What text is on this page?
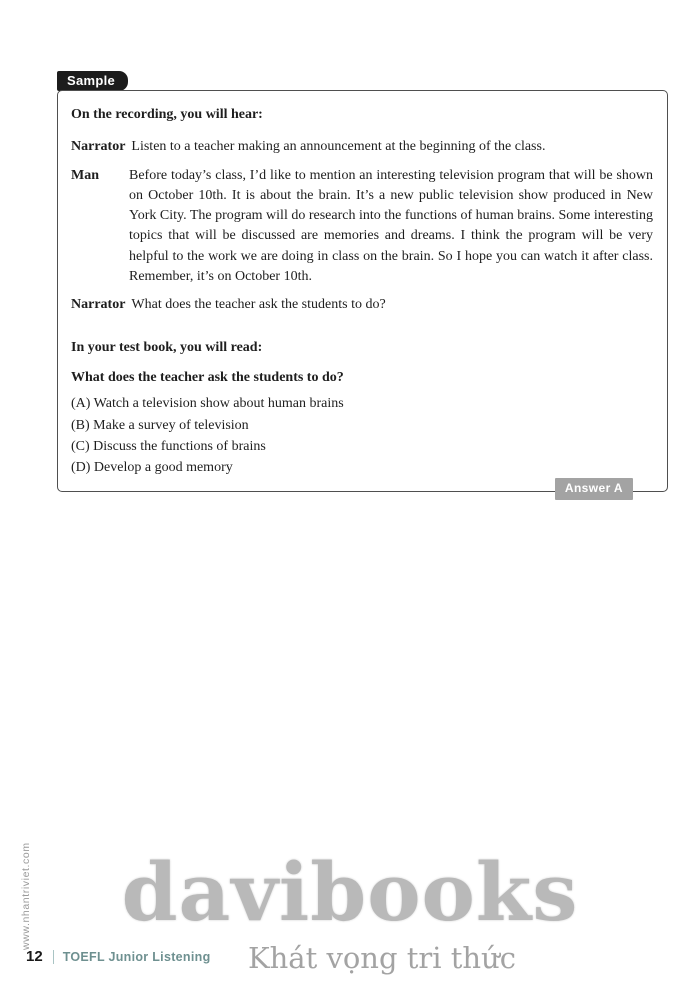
Sample
On the recording, you will hear:
Narrator Listen to a teacher making an announcement at the beginning of the class.
Man	Before today’s class, I’d like to mention an interesting television program that will be shown on October 10th. It is about the brain. It’s a new public television show produced in New York City. The program will do research into the functions of human brains. Some interesting topics that will be discussed are memories and dreams. I think the program will be very helpful to the work we are doing in class on the brain. So I hope you can watch it after class. Remember, it’s on October 10th.
Narrator What does the teacher ask the students to do?
In your test book, you will read:
What does the teacher ask the students to do?
(A) Watch a television show about human brains
(B) Make a survey of television
(C) Discuss the functions of brains
(D) Develop a good memory
Answer A
www.nhantriviet.com	davibooks
Khát vọng tri thức
12 TOEFL Junior Listening
